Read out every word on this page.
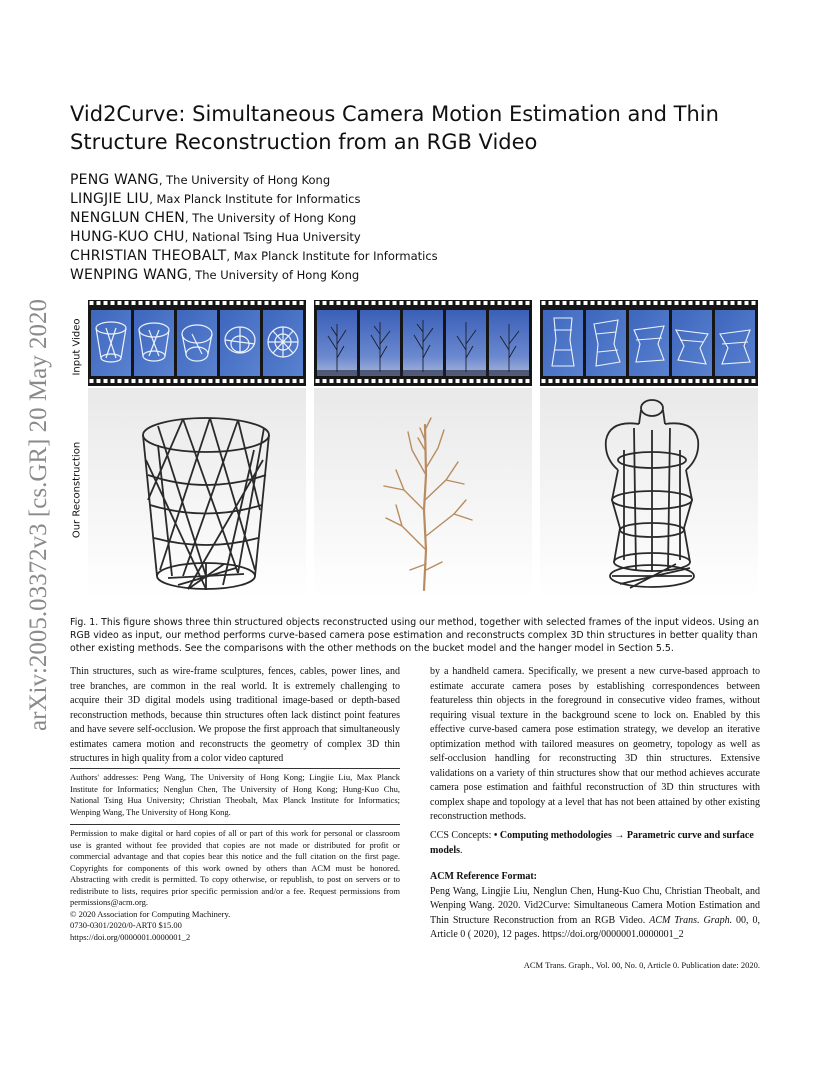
arXiv:2005.03372v3 [cs.GR] 20 May 2020
Vid2Curve: Simultaneous Camera Motion Estimation and Thin Structure Reconstruction from an RGB Video
PENG WANG, The University of Hong Kong
LINGJIE LIU, Max Planck Institute for Informatics
NENGLUN CHEN, The University of Hong Kong
HUNG-KUO CHU, National Tsing Hua University
CHRISTIAN THEOBALT, Max Planck Institute for Informatics
WENPING WANG, The University of Hong Kong
Input Video
Our Reconstruction
Fig. 1. This figure shows three thin structured objects reconstructed using our method, together with selected frames of the input videos. Using an RGB video as input, our method performs curve-based camera pose estimation and reconstructs complex 3D thin structures in better quality than other existing methods. See the comparisons with the other methods on the bucket model and the hanger model in Section 5.5.
Thin structures, such as wire-frame sculptures, fences, cables, power lines, and tree branches, are common in the real world. It is extremely challenging to acquire their 3D digital models using traditional image-based or depth-based reconstruction methods, because thin structures often lack distinct point features and have severe self-occlusion. We propose the first approach that simultaneously estimates camera motion and reconstructs the geometry of complex 3D thin structures in high quality from a color video captured
Authors' addresses: Peng Wang, The University of Hong Kong; Lingjie Liu, Max Planck Institute for Informatics; Nenglun Chen, The University of Hong Kong; Hung-Kuo Chu, National Tsing Hua University; Christian Theobalt, Max Planck Institute for Informatics; Wenping Wang, The University of Hong Kong.
Permission to make digital or hard copies of all or part of this work for personal or classroom use is granted without fee provided that copies are not made or distributed for profit or commercial advantage and that copies bear this notice and the full citation on the first page. Copyrights for components of this work owned by others than ACM must be honored. Abstracting with credit is permitted. To copy otherwise, or republish, to post on servers or to redistribute to lists, requires prior specific permission and/or a fee. Request permissions from permissions@acm.org.
© 2020 Association for Computing Machinery.
0730-0301/2020/0-ART0 $15.00
https://doi.org/0000001.0000001_2
by a handheld camera. Specifically, we present a new curve-based approach to estimate accurate camera poses by establishing correspondences between featureless thin objects in the foreground in consecutive video frames, without requiring visual texture in the background scene to lock on. Enabled by this effective curve-based camera pose estimation strategy, we develop an iterative optimization method with tailored measures on geometry, topology as well as self-occlusion handling for reconstructing 3D thin structures. Extensive validations on a variety of thin structures show that our method achieves accurate camera pose estimation and faithful reconstruction of 3D thin structures with complex shape and topology at a level that has not been attained by other existing reconstruction methods.
CCS Concepts: • Computing methodologies → Parametric curve and surface models.
ACM Reference Format:
Peng Wang, Lingjie Liu, Nenglun Chen, Hung-Kuo Chu, Christian Theobalt, and Wenping Wang. 2020. Vid2Curve: Simultaneous Camera Motion Estimation and Thin Structure Reconstruction from an RGB Video. ACM Trans. Graph. 00, 0, Article 0 ( 2020), 12 pages. https://doi.org/0000001.0000001_2
ACM Trans. Graph., Vol. 00, No. 0, Article 0. Publication date: 2020.
